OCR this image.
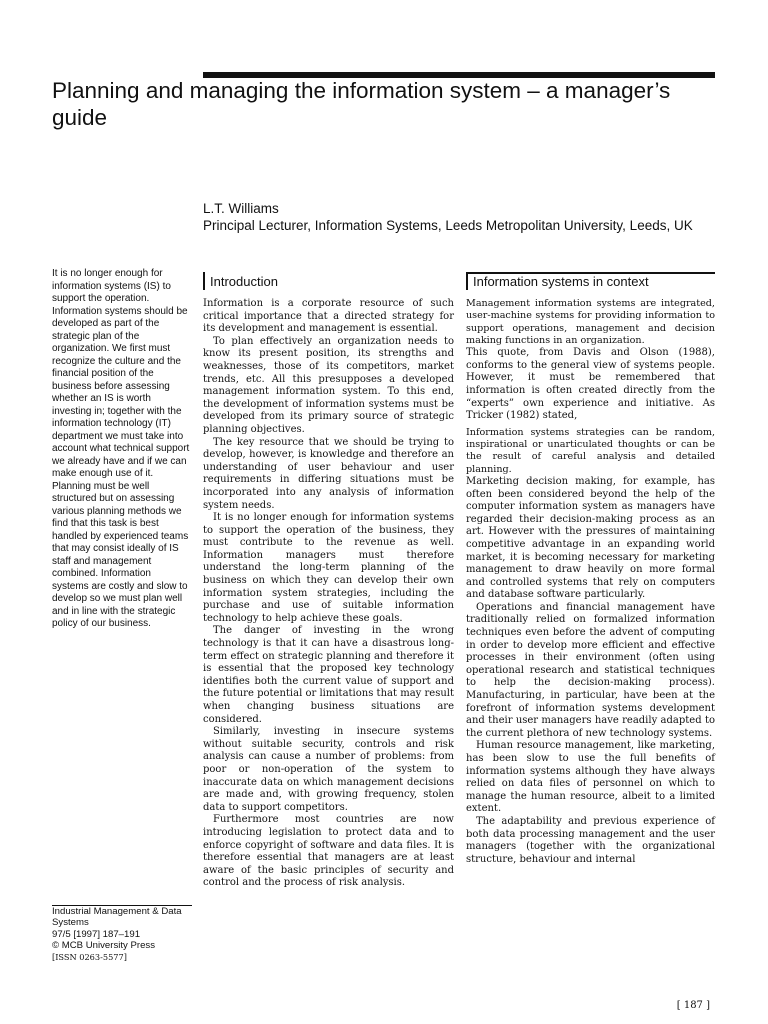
Planning and managing the information system – a manager’s guide
L.T. Williams
Principal Lecturer, Information Systems, Leeds Metropolitan University, Leeds, UK

It is no longer enough for information systems (IS) to support the operation. Information systems should be developed as part of the strategic plan of the organization. We first must recognize the culture and the financial position of the business before assessing whether an IS is worth investing in; together with the information technology (IT) department we must take into account what technical support we already have and if we can make enough use of it. Planning must be well structured but on assessing various planning methods we find that this task is best handled by experienced teams that may consist ideally of IS staff and management combined. Information systems are costly and slow to develop so we must plan well and in line with the strategic policy of our business.

Introduction

Information is a corporate resource of such critical importance that a directed strategy for its development and management is essential.

To plan effectively an organization needs to know its present position, its strengths and weaknesses, those of its competitors, market trends, etc. All this presupposes a developed management information system. To this end, the development of information systems must be developed from its primary source of strategic planning objectives.

The key resource that we should be trying to develop, however, is knowledge and therefore an understanding of user behaviour and user requirements in differing situations must be incorporated into any analysis of information system needs.

It is no longer enough for information systems to support the operation of the business, they must contribute to the revenue as well. Information managers must therefore understand the long-term planning of the business on which they can develop their own information system strategies, including the purchase and use of suitable information technology to help achieve these goals.

The danger of investing in the wrong technology is that it can have a disastrous long-term effect on strategic planning and therefore it is essential that the proposed key technology identifies both the current value of support and the future potential or limitations that may result when changing business situations are considered.

Similarly, investing in insecure systems without suitable security, controls and risk analysis can cause a number of problems: from poor or non-operation of the system to inaccurate data on which management decisions are made and, with growing frequency, stolen data to support competitors.

Furthermore most countries are now introducing legislation to protect data and to enforce copyright of software and data files. It is therefore essential that managers are at least aware of the basic principles of security and control and the process of risk analysis.

Information systems in context

Management information systems are integrated, user-machine systems for providing information to support operations, management and decision making functions in an organization.

This quote, from Davis and Olson (1988), conforms to the general view of systems people. However, it must be remembered that information is often created directly from the “experts” own experience and initiative. As Tricker (1982) stated,

Information systems strategies can be random, inspirational or unarticulated thoughts or can be the result of careful analysis and detailed planning.

Marketing decision making, for example, has often been considered beyond the help of the computer information system as managers have regarded their decision-making process as an art. However with the pressures of maintaining competitive advantage in an expanding world market, it is becoming necessary for marketing management to draw heavily on more formal and controlled systems that rely on computers and database software particularly.

Operations and financial management have traditionally relied on formalized information techniques even before the advent of computing in order to develop more efficient and effective processes in their environment (often using operational research and statistical techniques to help the decision-making process). Manufacturing, in particular, have been at the forefront of information systems development and their user managers have readily adapted to the current plethora of new technology systems.

Human resource management, like marketing, has been slow to use the full benefits of information systems although they have always relied on data files of personnel on which to manage the human resource, albeit to a limited extent.

The adaptability and previous experience of both data processing management and the user managers (together with the organizational structure, behaviour and internal

Industrial Management & Data Systems
97/5 [1997] 187–191
© MCB University Press
[ISSN 0263-5577]
[ 187 ]
